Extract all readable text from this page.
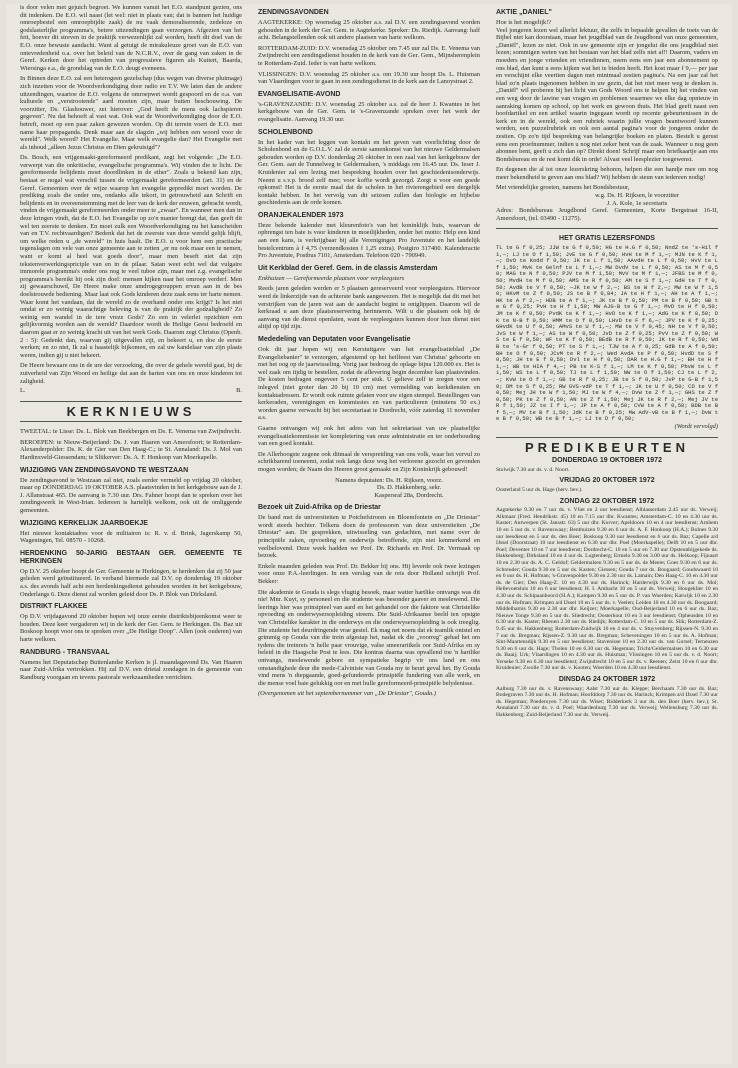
is door velen met gejuich begroet. We kunnen vanuit het E.O. standpunt gezien, ons dit indenken. De E.O. wil naast (let wel: niet in plaats van; dat is bannen het huidige omroepbestel een omroepbijdie zaak) de nu vaak demoraliserende, zedeloze en godslasterlijke programma's, betere uitzendingen gaan verzorgen. Afgezien van het feit, hoever dit streven in de praktijk verwezenlijkt zal worden, heeft dit doel van de E.O. onze bewuste aandacht. Want al getuigt de mirakuleuze groei van de E.O. van ontevredenheid o.a. over het beleid van de N.C.R.V., over de gang van zaken in de Geref. Kerken door het optreden van progressieve figuren als Kuitert, Baarda, Wiersinga e.a., de grondslag van de E.O. deugt eveneens.

In Binnen deze E.O. zal een heterogeen gezelschap (dus wegen van diverse pluimage) zich inzetten voor de Woordverkondiging door radio en T.V. We laten dan de andere uitzendingen, waartoe de E.O. volgens de omroepwet wordt gespoord en de o.a. van kulturele en „verstrooiende" aard moeten zijn, maar buiten beschouwing. De voorzitter, Ds. Glashouwer, zei hierover: „God heeft de mens ook lachspieren gegeven". Nu dat behoeft al vast wat. Ook wat de Woordverkondiging door de E.O. betreft, moet op een paar zaken gewezen worden. Op dit terrein voert de E.O. met name haar propaganda. Denk maar aan de slagzin „wij hebben een woord voor de wereld". Welk woord? Het Evangelie. Maar welk evangelie dan? Het Evangelie met als inhoud „alleen Jezus Christus en Dien gekruisigd"?

Ds. Bosch, een vrijgemaakt-gereformeerd predikant, zegt het volgende: „De E.O. verwerpt van die onkritische, evangelische programma's. Wij vinden die te licht. De gereformeerde belijdenis moet doordlinken in de ether". Zoals u bekend kan zijn, bestaat er nogal wat verschil tussen de vrijgemaakt gereformeerden (art. 31) en de Geref. Gemeenten over de wijze waarop het evangelie gepredikt moet worden. De prediking zoals die onder ons, ondanks alle tekort, in getrouwheid aan Schrift en belijdenis en in overeenstemming met de leer van de kerk der eeuwen, gebracht wordt, vinden de vrijgemaakt gereformeerden onder meer te „zwaar". En wanneer men dan in deze kringen vindt, dat de E.O. het Evangelie op zo'n manier brengt dat, dan geeft dit wel ten zeerste te denken. En moet zulk een Woordverkondiging nu het kanscheiden van en T.V. rechtvaardigen? Bedenk dat het de zwerste van deze wereld gelijk blijft, om welke reden u „de wereld" in huis haalt. De E.O. u voor hem een practische tegenslagen om vele van onze gemeente aan te zetten „er nu ook maar een te nemen, want er komt al heel wat goeds door", maar men beseft niet dat zijn tekstenverwerkingspriciple van en in de pilaar. Satan weet echt wel dat vulgaire immorele programma's onder ons nog te veel tuboe zijn, maar met z.g. evangelische programma's bereikt hij ook zijn doel: mensen kijken naar het omroep verderf. Men zij gewaarschuwd, De Heere make onze amdrogegrouppen ervan aan in de bes doelstrouwde bediening. Maar laat ook Gods kinderen deze zaak eens ter harte nemen. Waar komt het vandaan, dat de wereld zo de overhand onder ons krijgt? Is het niet omdat er zo weinig waarachtige beleving is van de praktijk der godzaligheid? Zo weinig een wandel in de tere vreze Gods? Zo een in velerlei opzichten een gelijkvormig worden aan de wereld? Daardoor wordt de Heilige Geest bedroefd en daarom gaat er zo weinig kracht uit van het werk Gods. Daarom zegt Christus (Openb. 2 : 5): Gedenkt dan, waarvan gij uitgevallen zijt, en bekeert u, en doe de eerste werken; en zo niet, Ik zal u haastelijk bijkomen, en zal uw kandelaar van zijn plaats weren, indien gij u niet bekeert.

De Heere bewaare ons in de ure der verzoeking, die over de gehele wereld gaat, bij de zuiverheid van Zijn Woord en heilige dat aan de harten van ons en onze kinderen tot zaligheid.

L.	B.
KERKNIEUWS

TWEETAL: te Lisse: Ds. L. Blok van Beekbergen en Ds. E. Venema van Zwijndrecht.

BEROEPEN: te Nieuw-Beijerland: Ds. J. van Haaren van Amersfoort; te Rotterdam-Alexanderpolder: Ds. K. de Gier van Den Haag-C.; te St. Annaland: Ds. J. Mol van Hardinxveld-Giessendam; te Sliikerver: Ds. A. F. Honkoop van Moerkapelle.

WIJZIGING VAN ZENDINGSAVOND TE WESTZAAN

De zendingsavond te Westzaan zal niet, zoals eerder vermeld op vrijdag 20 oktober, maar op DONDERDAG 19 OKTOBER A.S. plaatsvinden in het kerkgebouw aan de J. J. Allanstraat 465. De aanvang is 7.30 uur. Drs. Fahner hoopt dan te spreken over het zendingswerk in West-Irian. Iedereen is hartelijk welkom, ook uit de omliggende gemeenten.

WIJZIGING KERKELIJK JAARBOEKJE

Het nieuwe kontaktadres voor de militairen is: R. v. d. Brink, Jagerskamp 50, Wageningen, Tel. 08570 - 10268.

HERDENKING 50-JARIG BESTAAN GER. GEMEENTE TE HERKINGEN

Op D.V. 25 oktober hoopt de Ger. Gemeente te Herkingen, te herdenken dat zij 50 jaar geleden werd geïnstitueerd. In verband hiermede zal D.V. op donderdag 19 oktober a.s. des avonds half acht een herdenkingsdienst gehouden worden in het kerkgebouw, Onderlangs 6. Deze dienst zal worden geleid door Ds. P. Blok van Dirksland.

DISTRIKT FLAKKEE

Op D.V. vrijdagavond 20 oktober hopen wij onze eerste distriktsbijeenkomst weer te houden. Deze keer vergaderen wij in de kerk der Ger. Gem. te Herkingen. Ds. Baz uit Boskoop hoopt voor ons te spreken over „De Heilige Doop". Allen (ook ouderen) van harte welkom.

RANDBURG - TRANSVAAL

Namens het Deputatschap Buitenlandse Kerken is jl. maandagavond Ds. Van Haaren naar Zuid-Afrika vertrokken. Hij zal D.V. een drietal zondagen in de gemeente van Randburg voorgaan en tevens pastorale werkzaamheden verrichten.

ZENDINGSAVONDEN

AAGTEKERKE: Op woensdag 25 oktober a.s. zal D.V. een zendingsavond worden gehouden in de kerk der Ger. Gem. te Aagtekerke. Spreker: Ds. Riedijk. Aanvang: half acht. Belangstellenden ook uit andere plaatsen van harte welkom.

ROTTERDAM-ZUID: D.V. woensdag 25 oktober om 7.45 uur zal Ds. E. Venema van Zwijndrecht een zendingsdienst houden in de kerk van de Ger. Gem., Mijnsherenplein te Rotterdam-Zuid. Ieder is van harte welkom.

VLISSINGEN: D.V. woensdag 25 oktober a.s. om 19.30 uur hoopt Ds. L. Huisman van Vlaardingen voor te gaan in een zendingsdienst in de kerk aan de Lanoystraat 2.

EVANGELISATIE-AVOND

's-GRAVENZANDE: D.V. woensdag 25 oktober a.s. zal de heer J. Kwantes in het kerkgebouw van de Ger. Gem. te 's-Gravenzande spreken over het werk der evangelisatie. Aanvang 19.30 uur.

SCHOLENBOND

In het kader van het leggen van kontakt en het geven van voorlichting door de Scholenbond en de G.O.L.V. zal de eerste samenkomst van het nieuwe Geldermalsen gehouden worden op D.V. donderdag 26 oktober in een zaal van het kerkgebouw der Ger. Gem. aan de Tunnelweg te Geldermalsen, 's middags om 16.45 uur. Ds. Ieser J. Kruidenier zal een lezing met bespreking houden over het geschiedenisonderwijs. Neemt u s.v.p. brood zelf mee; voor koffie wordt gezorgd. Zorgt u voor een goede opkomst! Het is de eerste maal dat de scholen in het rivierengebied een dergelijk kontakt hebben. In het vervolg van dit seizoen zullen dan biologie en bijbelse geschiedenis aan de orde komen.

ORANJEKALENDER 1973

Deze bekende kalender met kleurenfoto's van het koninklijk huis, waarvan de opbrengst ten bate is voor kinderen in moeilijkheden, onder het motto: Help een kind aan een kans, is verkrijgbaar bij alle Verenigingen Pro Juventute en het landelijk bestelcentrum à f 4,75 (verzendkosten f 1,25 extra). Postgiro 317400. Kalenderactie Pro Juventute, Postbus 7101, Amsterdam. Telefoon 020 - 790949.

Uit Kerkblad der Geref. Gem. in de classis Amsterdam

Enkhuizen — Gereformeerde plaatsen voor verpleegsters

Reeds jaren geleden werden er 5 plaatsen gereserveerd voor verpleegsters. Hiervoor werd de linkerzijde van de achterste bank aangewezen. Het is mogelijk dat dit met het verstrijken van de jaren wat aan de aandacht begint te ontglippen. Daarom wil de kerkraad u aan deze plaatsreservering herinneren. Wilt u die plaatsen ook bij de aanvang van de dienst openlaten, want de verpleegsters kunnen door hun dienst niet altijd op tijd zijn.

Mededeling van Deputaten voor Evangelisatie

Ook dit jaar hopen wij een Kerstuitgave van het evangelisatieblad „De Evangeliebanier" te verzorgen, afgestemd op het heilfeest van Christus' geboorte en met het oog op de jaarwisseling. Vorig jaar bedroeg de oplage bijna 120.000 ex. Het is wel zaak om tijdig te bestellen, zodat de aflevering begin december kan plaatsvinden. De kosten bedragen ongeveer 5 cent per stuk. U gelieve zelf te zorgen voor een inlegvel (niet groter dan 20 bij 10 cm) met vermelding van kerkdiensten en kontaktadressen. Er wordt ook ruimte gelaten voor uw eigen stempel. Bestellingen van kerkeraden, verenigingen en kommissies en van particulieren (minstens 50 ex.) worden gaarne verwacht bij het secretariaat te Dordrecht, vóór zaterdag 11 november a.s.

Gaarne ontvangen wij ook het adres van het sekretariaat van uw plaatselijke evangelisatiekommissie ter kompletering van onze administratie en ter onderhouding van een goed kontakt.

De Allerhoogste zegene ook ditmaal de verspreiding van ons volk, waar het vervul zo schrikbarend toeneemt, zodat ook langs deze weg het verlorene gezocht en gevonden mogen worden; de Naam des Heeren groot gemaakt en Zijn Koninkrijk gebouwd!

Namens deputaten: Ds. H. Rijksen, voorz.

Ds. D. Hakkenberg, sekr.

Kaspersraf 28a, Dordrecht.

Bezoek uit Zuid-Afrika op de Driestar

De band met de universiteiten te Potchefstroom en Bloemfontein en „De Driestar" wordt steeds hechter. Telkens doen de professoren van deze universiteiten „De Driestar" aan. De gesprekken, uitwisseling van gedachten, met name over de principiële zaken, opvoeding en onderwijs betreffende, zijn niet kenmerkend en veelbelovend. Deze week hadden we Prof. Dr. Richards en Prof. Dr. Vermaak op bezoek.

Enkele maanden geleden was Prof. Dr. Bekker bij ons. Hij leverde ook twee lezingen voor onze P.A.-leerlingen. In een verslag van de reis door Holland schrijft Prof. Bekker:

Die akademie te Gouda is slegs vlugtig besoek, maar watter hartlike ontvangs was dit nie! Mnr. Kuyt, sy personeel en die studente was besonder gaaver en meelewend. Die leerings hier was prinsipieel van aard en het gehandel oor die faktore wat Christelike opvoeding en onderwysersopleiding streem. Die Suid-Afrikaanse beeld ten opsigte van Christelike karakter in die onderwys en die onderwysersopleiding is ook treeglig. Die studente het deurdringende vrae gestel. Ek mag net noem dat ek teamlik ontstel en grimmig op Gouda van die trein afgestap het, nadat ek die „voorreg" gehad het om tydens die treinreis 'n helle paar vrouvige, valse smeerartikels oor Suid-Afrika en sy beleid in die Haagsche Post te lees. Die kontras daarna was opvallend toe 'n hartlike ontvangs, meelewende gebore en sympatieke begrip vir ons land en ons omstandighede deur die mede-Calviniste van Gouda my te beurt geval het. By Gouda vind mens 'n diepgaande, goed-gefundeerde prinsipiële fundering van alle werk, en die mense voel baie gelukkig oor en met hulle gereformeerd-prinsipiële belydenisse.

(Overgenomen uit het septembernummer van „De Driestar", Gouda.)

AKTIE „DANIEL"

Hoe is het mogelijk!?

Veel jongeren lezen wel allerlei lektuur, die zelfs in bepaalde gevallen de toets van de Bijbel niet kan doorstaan, maar het jeugdblad van de Jeugdbond van onze gemeenten, „Daniël", lezen ze niet. Ook in uw gemeente zijn er jongelui die ons jeugdblad niet lezen; sommigen weten van het bestaan van het blad zelfs niet af!! Daarom, vaders en moeders en jonge vrienden en vriendinnen, neem eens een jaar een abonnement op ons blad, dan kunt u eens kijken wat het te bieden heeft. Het kost maar f 9,— per jaar en verschijnt elke veertien dagen met minimaal zestien pagina's. Na een jaar zal het blad zo'n plaats ingenomen hebben in uw gezin, dat het niet meer weg te denken is. „Daniël" wil proberen bij het licht van Gods Woord ons te helpen bij het vinden van een weg door de lawine van vragen en problemen waarmee we elke dag opnieuw in aanraking komen op school, op het werk en gewoon thuis. Het blad geeft naast een hoofdartikel en een artikel waarin ingegaan wordt op recente gebeurtenissen in de kerk en in de wereld, ook een rubriek waarin jullie vragen beantwoord kunnen worden, een puzzelrubriek en ook een aantal pagina's voor de jongeren onder de zestien. Op zo'n tijd bespreking van belangrijke boeken en platen. Bestelt u gerust eens een proefnummer, indien u nog niet zeker bent van de zaak. Wanneer u nog geen abonnee bent, geeft u zich dan op? Direkt doen! Schrijf maar een briefkaartje aan ons Bondsbureau en de rest komt dik in orde! Alvast veel leesplezier toegewenst.

En degenen die al tot onze lezerskring behoren, helpen die een handje mee om nog meer bekendheid te geven aan ons blad? Wij hebben de steun van iedereen nodig!

Met vriendelijke groeten, namens het Bondsbestuur,

w.g. Ds. H. Rijksen, le voorzitter

J. A. Kole, 1e secretaris

Adres: Bondsbureau Jeugdbond Geref. Gemeenten, Korte Bergstraat 16-II, Amersfoort, (tel. 03490 - 11275).

HET GRATIS LEZERSFONDS

TL te G f 0,25; JJW te G f 0,50; HG te H.G f 0,50; NndZ te 's-Hil f 1,—; LJ te O f 1,50; JvE te G f 0,50; HvH te M f 1,—; MJN te K f 1,—; DvO te Kodd f 0,50; JK te L f 1,50; AAvdH te L f 0,50; HvV te L f 1,50; MvK te Gelnf te L f 1,—; MW DvdV te L f 0,50; AS te M f 0,50; MAG te N f 0,50; PJV te M f 1,50; MvV te M f 1,—; JFBS te M f 0,50; MvdH te M f 0,50; AMS te R f 0,50; AM te S f 1,—; GdH te T f 0,50; AvdB te V f 0,50; —JK te W f 2,—; BS te W f 2,—; MW te W f 1,50; HKvM te Z f 0,50; JS te B f 0,84; JA te H f 1,—; AH te A f 1,—; HK te A f 2,—; HDB te A f 1,—; JK te B f 0,50; PM te B f 0,50; GB te G f 0,25; PvH te H f 1,50; MW AJG-B te G f 1,—; MvD te H f 0,50; JM te K f 0,50; PvdK te K f 1,—; HvD te K f 1,—; AdG te K f 0,50; DK te N-B f 0,50; HMM te O f 0,50; LHvD te F f 6,—; JPV te K f 0,25; GHvdK te U f 0,50; AMvS te U f 1,—; MW te V f 0,45; NH te V f 0,50; JvS te W f 1,—; AS te W f 0,50; JvD te Z f 0,25; PvV te Z f 0,50; WS te E f 0,50; WF te K f 0,50; BEdB te R f 0,50; JK te R f 0,50; WdB te 's-Gr f 0,50; PT te S f 1,—; TJW te A f 0,25; GdB te A f 0,50; BH te O f 0,50; JCvM te R f 2,—; Wed AvdA te P f 0,50; HvdD te S f 0,50; JH te E f 0,50; Dvl te H f 0,50; DAR te H.G f 1,—; BH te H f 1,—; WB te HIA f 4,—; PB te K-S f 1,—; LM te K f 0,50; PbvW te L f 1,50; WS te L f 0,50; TJ te L f 1,50; NW te O f 1,50; CJ te L f 2,—; KvW te O f 1,—; GB te R f 0,25; JB te S f 0,50; JvP te G-B f 1,50; DM te S f 0,25; RW GVS-vdP te T f 1,—; JK te U f 0,50; CD te V f 0,50; Mej JH te W f 1,50; MJ te W f 4,—; DvW te Z f 1,—; GHS te Z f 0,50; PK te Z f 0,50; AN te Z f 1,50; Mej JK te R f 2,—; Mej JV te R f 1,50; JZ te I f 1,—; JP te A f 0,50; CVW te A f 0,50; BDB te B f 5,—; MV te B f 1,50; JdK te B f 0,25; Mw AdV-vB te B f 1,—; DvW te B f 0,50; WB te B f 1,—; LJ te D f 0,50;

(Wordt vervolgd)

PREDIKBEURTEN
DONDERDAG 19 OKTOBER 1972

Stolwijk 7.30 uur ds. v. d. Noort.

VRIJDAG 20 OKTOBER 1972

Oosterland 5 uur ds. Hage (herv. bev.).

ZONDAG 22 OKTOBER 1972

Aagtekerke 9.30 en 7 uur ds. v. Vliet en 2 uur leesdienst; Alblasserdam 2.45 uur ds. Verweij; Alkmaar (Fred. Hendrikstr. 45) 10 en 7.15 uur dhr. Kwantes; Amsterdam-C. 10 en 4.30 uur ds. Kaster; Antwerpen (St. Jansstr. 63) 5 uur dhr. Korver; Apeldoorn 10 en 4 uur leesdienst; Arnhem 10 en 5 uur ds. v. Ravenswaay; Benthuizen 9.30 en 6 uur ds. A. F. Honkoop (H.A.); Bolnes 9.30 uur leesdienst en 5 uur ds. den Boer; Boskoop 9.30 uur leesdienst en 6 uur ds. Baz; Capelle a/d IJssel (Doorstraat) 10 uur leesdienst en 6.30 uur dhr. Poel (Moerkapelle); Delft 10 en 5 uur dhr. Poel; Deventer 10 en 7 uur leesdienst; Dordrecht-C. 10 en 5 uur en 7.30 uur Opsteunbijgekede ds. Hakkenberg; Dirksland 10 en 4 uur ds. Lugtenberg; Ermelo 9.30 en 3.00 uur ds. Heikoop; Fijnaart 10 en 2.30 uur ds. A. C. Geldof; Geldermalsen 9.30 en 5 uur ds. de Meere; Goes 9.30 en 6 uur ds. Schreuder; Gouda 9.30 en 5 uur ds. Kasten; Giessen; Gouda 7 uur ds. Boogaard; Goudswaard 10 en 6 uur ds. H. Hofman; 's-Gravenpolder 9.30 en 2.30 uur ds. Lamain; Den Haag-C. 10 en 4.30 uur ds. de Gier; Den Haag-Z. 10 en 4.30 uur ds. Harinck; Harderwijk 9.30 en 6 uur ds. Mol; Hellevoetsluis 10 en 6 uur leesdienst; H. I. Ambacht 10 en 5 uur ds. Verweij; Hoogeklier 10 en 4.30 uur ds. Schipaanboord (H.A.); Kampen 9.30 en 5 uur ds. P. van Woerden; Katwijk 10 en 2.30 uur ds. Hofman; Krimpen a/d IJssel 10 en 5 uur ds. v. Veelen; Leiden 10 en 4.30 uur ds. Boogaard; Middelharnis 9.30 en 2.30 uur dhr. Keijzer; Moerkapelle; Oud-Beijerland 10 en 6 uur ds. Baz; Nieuwe Tonge 9.30 en 5 uur ds. Sliedrecht; Oosterhout 10 en 3 uur leesdienst; Opheusden 10 en 6.30 uur ds. Kaster; Rhenen 2.30 uur ds. Riedijk; Rotterdam-C. 10 en 5 uur ds. Slik; Rotterdam-Z. 9.45 uur ds. Hakkenberg; Rotterdam-Zuidwijk 10 en 4 uur ds. v. Stuyvenberg; Rijssen-N. 9.30 en 7 uur ds. Bregman; Rijssen-Z. 9.30 uur ds. Bregman; Scheveningen 10 en 5 uur ds. A. Hofman; Sint-Maartensdijk 9.30 en 5 uur leesdienst; Stavenisse 10 en 2.30 uur ds. van Gorsel; Terneuzen 9.30 en 6 uur ds. Hage; Tholen 10 en 6.30 uur ds. Hegeman; Tricht/Geldermalsen 10 en 6.30 uur ds. Baaij; Urk; Vlaardingen 10 en 4.30 uur ds. Huisman; Vlissingen 10 en 5 uur ds. v. d. Noort; Yerseke 9.30 en 6.30 uur leesdienst; Zwijndrecht 10 en 5 uur ds. v. Reenen; Zeist 10 en 6 uur dhr. Kruidenier; Zwolle 7.30 uur ds. v. Kooten; Woerden 10 en 4.30 uur leesdienst.

DINSDAG 24 OKTOBER 1972

Aalburg 7.30 uur ds. v. Ravenswaay; Aalst 7.30 uur ds. Kleppe; Berchaam 7.30 uur ds. Baz; Bodegraven 7.30 uur ds. H. Hofman; Hoofddorp 7.30 uur ds. Harinck; Krimpen a/d IJssel 7.30 uur ds. Hegeman; Poederoyen 7.30 uur ds. Wiser; Ridderkerk 3 uur ds. den Boer (herv. bev.); St. Annaland 7.30 uur ds. v. d. Poel; Waardenburg 7.30 uur ds. Verweij; Wellensburg 7.30 uur ds. Hakkenberg; Zuid-Beijerland 7.30 uur ds. Verweij.
